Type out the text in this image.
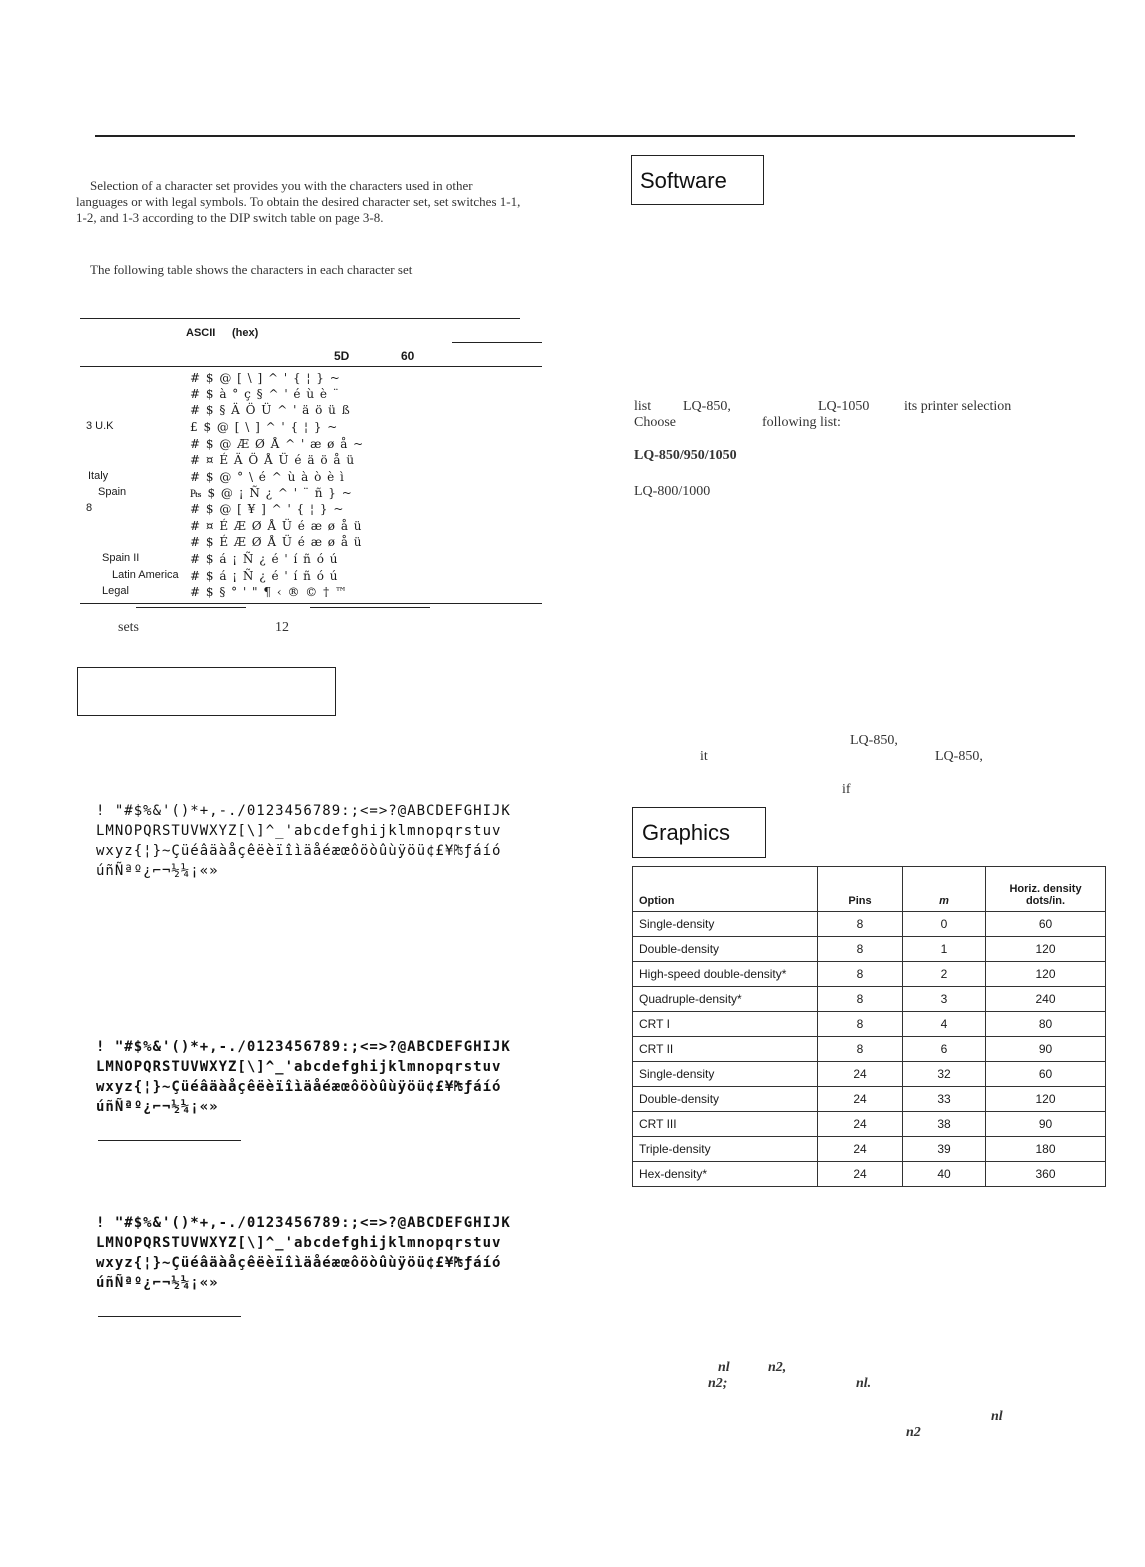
Selection of a character set provides you with the characters used in other languages or with legal symbols. To obtain the desired character set, set switches 1-1, 1-2, and 1-3 according to the DIP switch table on page 3-8.
The following table shows the characters in each character set
ASCII (hex)
5D	60
# $ @ [ \ ] ^ ' { ¦ } ~
# $ à ° ç § ^ ' é ù è ¨
# $ § Ä Ö Ü ^ ' ä ö ü ß
3 U.K	£ $ @ [ \ ] ^ ' { ¦ } ~
# $ @ Æ Ø Å ^ ' æ ø å ~
# ¤ É Ä Ö Å Ü é ä ö å ü
Italy	# $ @ ° \ é ^ ù à ò è ì
Spain	₧ $ @ ¡ Ñ ¿ ^ ' ¨ ñ } ~
8	# $ @ [ ¥ ] ^ ' { ¦ } ~
# ¤ É Æ Ø Å Ü é æ ø å ü
# $ É Æ Ø Å Ü é æ ø å ü
Spain II	# $ á ¡ Ñ ¿ é ' í ñ ó ú
Latin America # $ á ¡ Ñ ¿ é ' í ñ ó ú
Legal	# $ § ° ' " ¶ ‹ ® © † ™
sets	12

! "#$%&'()*+,-./0123456789:;<=>?@ABCDEFGHIJK
LMNOPQRSTUVWXYZ[\]^_'abcdefghijklmnopqrstuv
wxyz{¦}~Çüéâäàåçêëèïîìäåéæœôöòûùÿöü¢£¥₧ƒáíó
úñÑªº¿⌐¬½¼¡«»

! "#$%&'()*+,-./0123456789:;<=>?@ABCDEFGHIJK
LMNOPQRSTUVWXYZ[\]^_'abcdefghijklmnopqrstuv
wxyz{¦}~Çüéâäàåçêëèïîìäåéæœôöòûùÿöü¢£¥₧ƒáíó
úñÑªº¿⌐¬½¼¡«»

! "#$%&'()*+,-./0123456789:;<=>?@ABCDEFGHIJK
LMNOPQRSTUVWXYZ[\]^_'abcdefghijklmnopqrstuv
wxyz{¦}~Çüéâäàåçêëèïîìäåéæœôöòûùÿöü¢£¥₧ƒáíó
úñÑªº¿⌐¬½¼¡«»

Software
list LQ-850,	LQ-1050 its printer selection
Choose	following list:
LQ-850/950/1050
LQ-800/1000
LQ-850,
it	LQ-850,
if
Graphics
Option	Pins	m	Horiz. density dots/in.
Single-density	8	0	60
Double-density	8	1	120
High-speed double-density*	8	2	120
Quadruple-density*	8	3	240
CRT I	8	4	80
CRT II	8	6	90
Single-density	24	32	60
Double-density	24	33	120
CRT III	24	38	90
Triple-density	24	39	180
Hex-density*	24	40	360
nl	n2,
n2;	nl.
nl
n2
